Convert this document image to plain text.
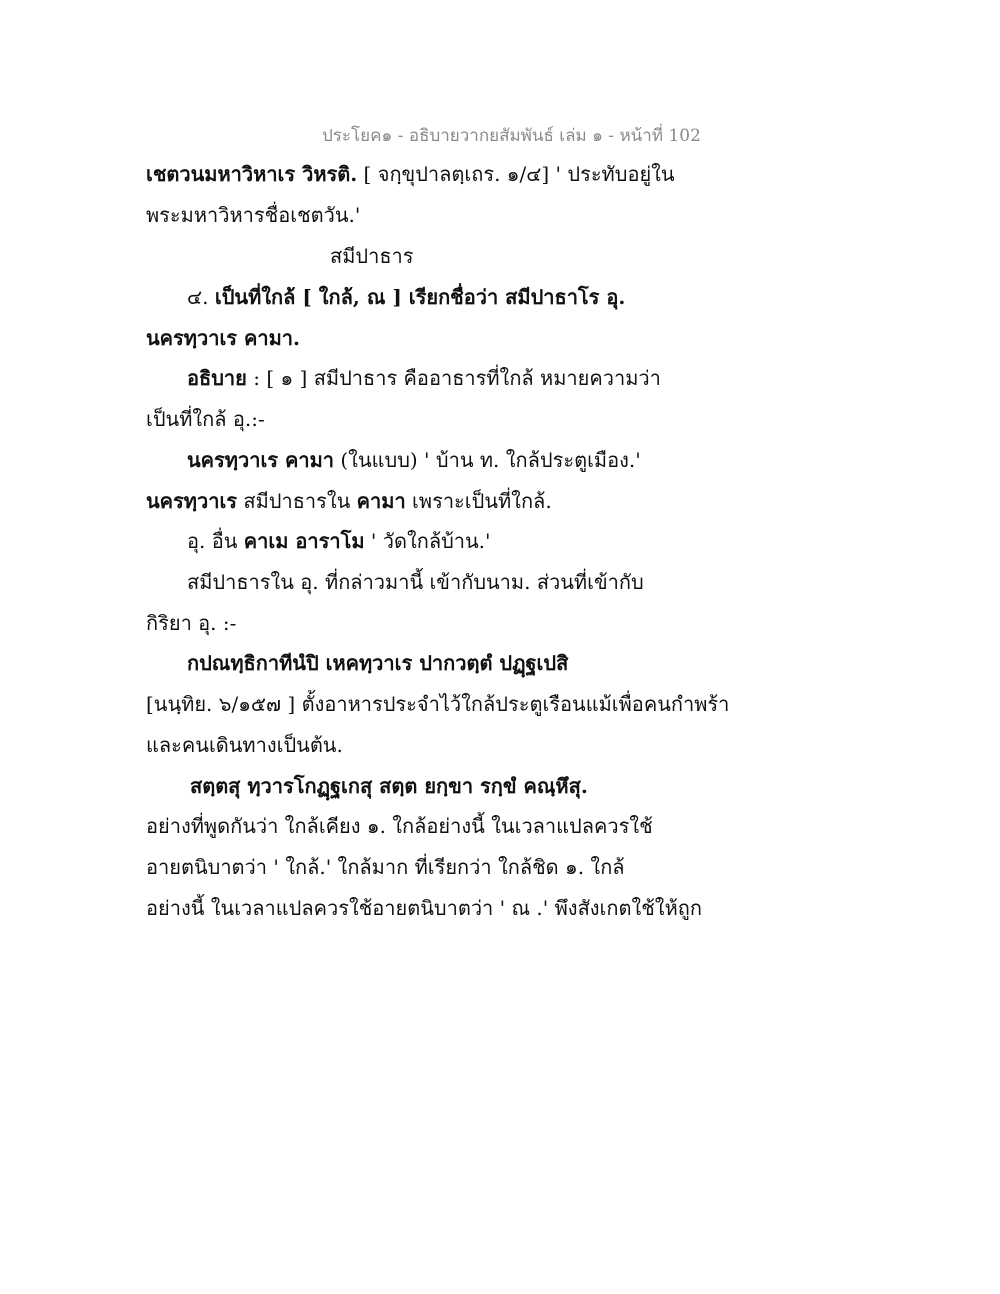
ประโยค๑ - อธิบายวากยสัมพันธ์ เล่ม ๑ - หน้าที่ 102
เชตวนมหาวิหาเร วิหรติ. [ จกฺขุปาลตฺเถร. ๑/๔] ' ประทับอยู่ใน
พระมหาวิหารชื่อเชตวัน.'
สมีปาธาร
๔. เป็นที่ใกล้ [ ใกล้, ณ ] เรียกชื่อว่า สมีปาธาโร อุ.
นครทฺวาเร คามา.
อธิบาย : [ ๑ ] สมีปาธาร คืออาธารที่ใกล้ หมายความว่า
เป็นที่ใกล้ อุ.:-
นครทฺวาเร คามา (ในแบบ) ' บ้าน ท. ใกล้ประตูเมือง.'
นครทฺวาเร สมีปาธารใน คามา เพราะเป็นที่ใกล้.
อุ. อื่น คาเม อาราโม ' วัดใกล้บ้าน.'
สมีปาธารใน อุ. ที่กล่าวมานี้ เข้ากับนาม. ส่วนที่เข้ากับ
กิริยา อุ. :-
กปณทฺธิกาทีนํปิ เหคทฺวาเร ปากวตฺตํ ปฏฺฐเปสิ
[นนฺทิย. ๖/๑๕๗ ] ตั้งอาหารประจำไว้ใกล้ประตูเรือนแม้เพื่อคนกำพร้า
และคนเดินทางเป็นต้น.
สตฺตสุ ทฺวารโกฏฺฐเกสุ สตฺต ยกฺขา รกฺขํ คณฺหึสุ.
อย่างที่พูดกันว่า ใกล้เคียง ๑. ใกล้อย่างนี้ ในเวลาแปลควรใช้
อายตนิบาตว่า ' ใกล้.' ใกล้มาก ที่เรียกว่า ใกล้ชิด ๑. ใกล้
อย่างนี้ ในเวลาแปลควรใช้อายตนิบาตว่า ' ณ .' พึงสังเกตใช้ให้ถูก
